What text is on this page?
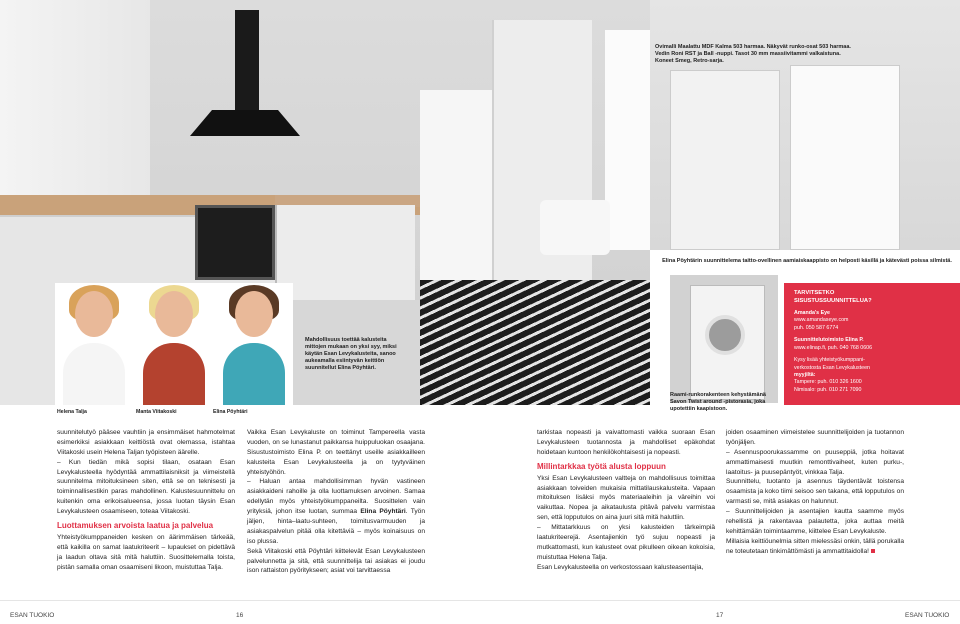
Ovimalli Maalattu MDF Kalma 503 harmaa. Näkyvät runko-osat 503 harmaa. Vedin Roni RST ja Ball -nuppi. Tasot 30 mm massiivitammi valkaistuna. Koneet Smeg, Retro-sarja.
Elina Pöyhtärin suunnittelema taitto-ovellinen aamiaiskaappisto on helposti käsillä ja kätevästi poissa silmistä.
Mahdollisuus toettää kalusteita mittojen mukaan on yksi syy, miksi käytän Esan Levykalusteita, sanoo aukeamalla esiintyvän keittiön suunnitellut Elina Pöyhtäri.
Raami-runkorakenteen kehystämänä Savon Twist around -pistorasia, joka upotettiin kaapistoon.
Helena Talja	Manta Viitakoski	Elina Pöyhtäri
TARVITSETKO
SISUSTUSSUUNNITTELUA?
Amanda's Eye
www.amandaseye.com
puh. 050 587 6774
Suunnittelutoimisto Elina P.
www.elinap.fi, puh. 040 768 0606
Kysy lisää yhteistyökumppani-
verkostosta Esan Levykalusteen
myyjiltä:
Tampere: puh. 010 326 1600
Nimisalo: puh. 010 271 7090

suunnitelutyö pääsee vauhtiin ja ensimmäiset hahmotelmat esimerkiksi asiakkaan keittiöstä ovat olemassa, istahtaa Viitakoski usein Helena Taljan työpisteen äärelle.

– Kun tiedän mikä sopisi tilaan, osataan Esan Levykalusteella hyödyntää ammattilaisniksit ja viimeistellä suunnitelma mitoituksineen siten, että se on teknisesti ja toiminnallisestikin paras mahdollinen. Kalustesuunnittelu on kuitenkin oma erikoisalueensa, jossa luotan täysin Esan Levykalusteen osaamiseen, toteaa Viitakoski.

Luottamuksen arvoista laatua ja palvelua

Yhteistyökumppaneiden kesken on äärimmäisen tärkeää, että kaikilla on samat laatukriteerit – lupaukset on pidettävä ja laadun oltava sitä mitä haluttiin. Suosittelemalla toista, pistän samalla oman osaamiseni likoon, muistuttaa Talja.

Vaikka Esan Levykaluste on toiminut Tampereella vasta vuoden, on se lunastanut paikkansa huippuluokan osaajana. Sisustustoimisto Elina P. on teettänyt useille asiakkailleen kalusteita Esan Levykalusteella ja on tyytyväinen yhteistyöhön.

– Haluan antaa mahdollisimman hyvän vastineen asiakkaideni rahoille ja olla luottamuksen arvoinen. Samaa edellytän myös yhteistyökumppaneilta. Suosittelen vain yrityksiä, johon itse luotan, summaa Elina Pöyhtäri. Työn jäljen, hinta–laatu-suhteen, toimitusvarmuuden ja asiakaspalvelun pitää olla kitettäviä – myös koinaisuus on iso plussa.

Sekä Viitakoski että Pöyhtäri kiittelevät Esan Levykalusteen palvelunnetta ja sitä, että suunnittelija tai asiakas ei joudu ison rattaiston pyöritykseen; asiat voi tarvittaessa

tarkistaa nopeasti ja vaivattomasti vaikka suoraan Esan Levykalusteen tuotannosta ja mahdolliset epäkohdat hoidetaan kuntoon henkilökohtaisesti ja nopeasti.

Millintarkkaa työtä alusta loppuun

Yksi Esan Levykalusteen valtteja on mahdollisuus toimittaa asiakkaan toiveiden mukaisia mittatilauskalusteita. Vapaan mitoituksen lisäksi myös materiaaleihin ja väreihin voi vaikuttaa. Nopea ja aikataulusta pitävä palvelu varmistaa sen, että lopputulos on aina juuri sitä mitä haluttiin.

– Mittatarkkuus on yksi kalusteiden tärkeimpiä laatukriteerejä. Asentajienkin työ sujuu nopeasti ja mutkattomasti, kun kalusteet ovat pikulleen oikean kokoisia, muistuttaa Helena Talja.

Esan Levykalusteella on verkostossaan kalusteasentajia,

joiden osaaminen viimeistelee suunnittelijoiden ja tuotannon työnjäljen.

– Asennuspoorukassamme on puuseppiä, jotka hoitavat ammattimaisesti muutkin remonttivaiheet, kuten purku-, laatoitus- ja puusepäntyöt, vinkkaa Talja.

Suunnittelu, tuotanto ja asennus täydentävät toistensa osaamista ja koko tiimi seisoo sen takana, että lopputulos on varmasti se, mitä asiakas on halunnut.

– Suunnittelijoiden ja asentajien kautta saamme myös rehellistä ja rakentavaa palautetta, joka auttaa meitä kehittämään toimintaamme, kiittelee Esan Levykaluste.

Millaisia keittiöunelmia sitten mielessäsi onkin, tällä porukalla ne toteutetaan tinkimättömästi ja ammattitaidolla!

ESAN TUOKIO	16	17	ESAN TUOKIO
